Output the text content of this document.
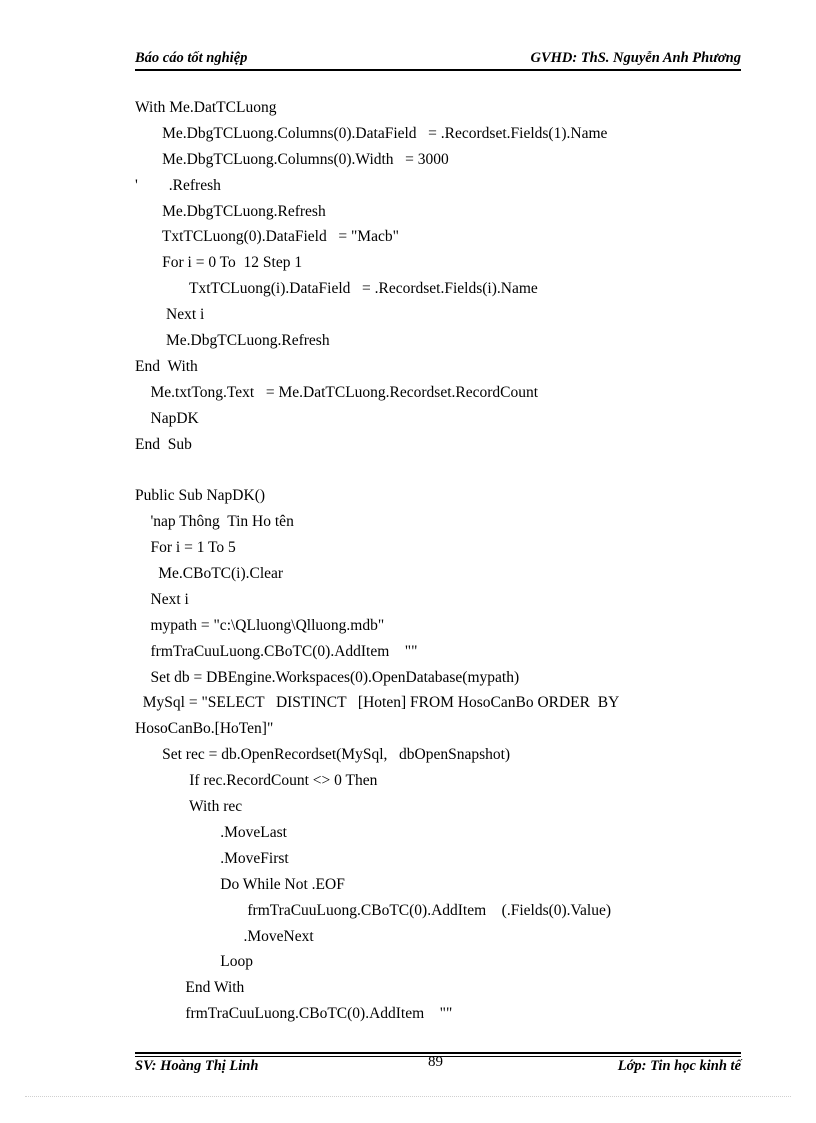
Báo cáo tốt nghiệp	GVHD: ThS. Nguyễn Anh Phương
With Me.DatTCLuong
Me.DbgTCLuong.Columns(0).DataField   = .Recordset.Fields(1).Name
Me.DbgTCLuong.Columns(0).Width   = 3000
'        .Refresh
Me.DbgTCLuong.Refresh
TxtTCLuong(0).DataField   = "Macb"
For i = 0 To  12 Step 1
TxtTCLuong(i).DataField   = .Recordset.Fields(i).Name
Next i
Me.DbgTCLuong.Refresh
End  With
Me.txtTong.Text   = Me.DatTCLuong.Recordset.RecordCount
NapDK
End  Sub
Public Sub NapDK()
'nap Thông  Tin Ho tên
For i = 1 To 5
Me.CBoTC(i).Clear
Next i
mypath = "c:\QLluong\Qlluong.mdb"
frmTraCuuLuong.CBoTC(0).AddItem    ""
Set db = DBEngine.Workspaces(0).OpenDatabase(mypath)
MySql = "SELECT   DISTINCT   [Hoten] FROM HosoCanBo ORDER  BY
HosoCanBo.[HoTen]"
Set rec = db.OpenRecordset(MySql,   dbOpenSnapshot)
If rec.RecordCount <> 0 Then
With rec
.MoveLast
.MoveFirst
Do While Not .EOF
frmTraCuuLuong.CBoTC(0).AddItem    (.Fields(0).Value)
.MoveNext
Loop
End With
frmTraCuuLuong.CBoTC(0).AddItem    ""
SV: Hoàng Thị Linh	89	Lớp: Tin học kinh tế
